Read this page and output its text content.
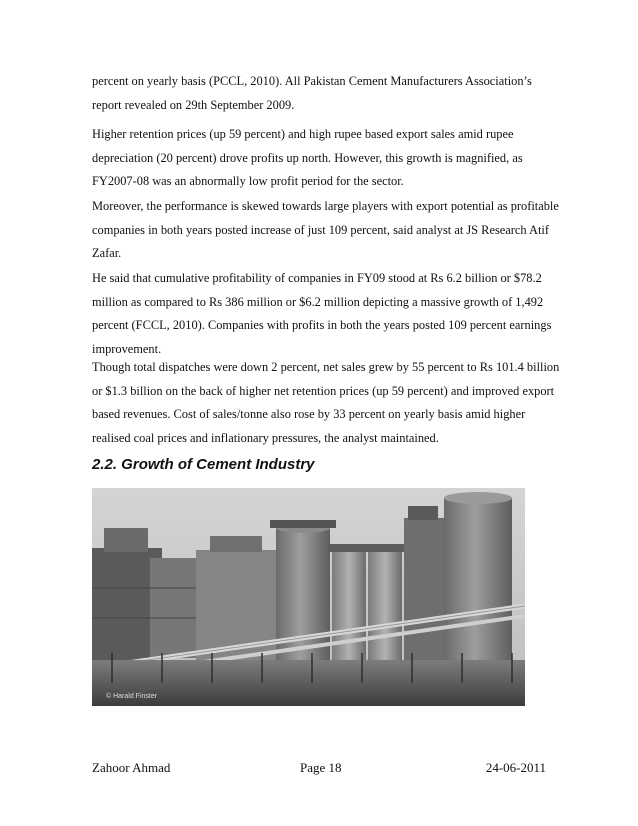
percent on yearly basis (PCCL, 2010). All Pakistan Cement Manufacturers Association’s report revealed on 29th September 2009.

Higher retention prices (up 59 percent) and high rupee based export sales amid rupee depreciation (20 percent) drove profits up north. However, this growth is magnified, as FY2007-08 was an abnormally low profit period for the sector.

Moreover, the performance is skewed towards large players with export potential as profitable companies in both years posted increase of just 109 percent, said analyst at JS Research Atif Zafar.

He said that cumulative profitability of companies in FY09 stood at Rs 6.2 billion or $78.2 million as compared to Rs 386 million or $6.2 million depicting a massive growth of 1,492 percent (FCCL, 2010). Companies with profits in both the years posted 109 percent earnings improvement.

Though total dispatches were down 2 percent, net sales grew by 55 percent to Rs 101.4 billion or $1.3 billion on the back of higher net retention prices (up 59 percent) and improved export based revenues. Cost of sales/tonne also rose by 33 percent on yearly basis amid higher realised coal prices and inflationary pressures, the analyst maintained.

2.2. Growth of Cement Industry
© Harald Finster
Zahoor Ahmad	Page 18	24-06-2011
